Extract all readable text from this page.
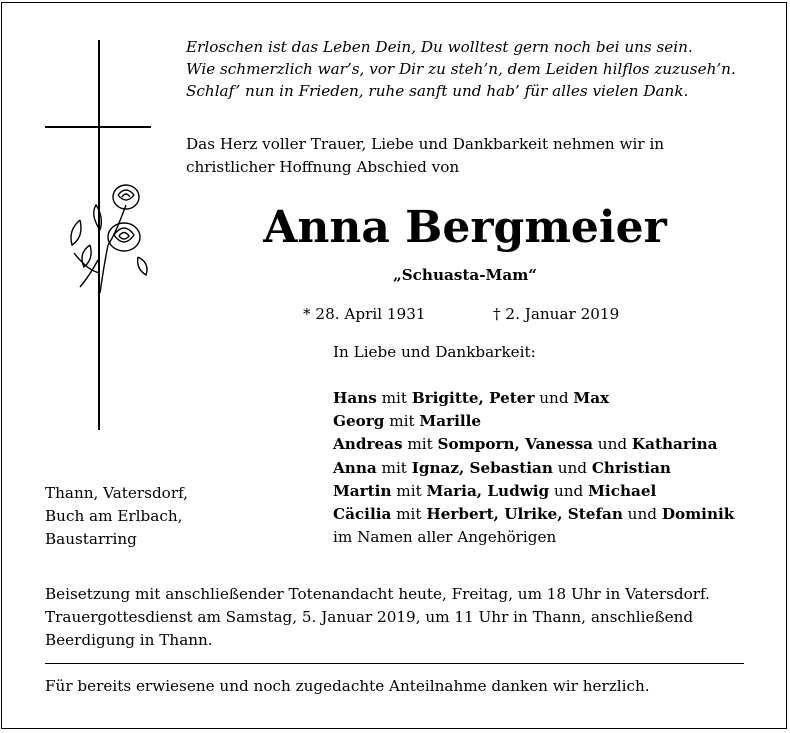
Erloschen ist das Leben Dein, Du wolltest gern noch bei uns sein.
Wie schmerzlich war’s, vor Dir zu steh’n, dem Leiden hilflos zuzuseh’n.
Schlaf’ nun in Frieden, ruhe sanft und hab’ für alles vielen Dank.
Das Herz voller Trauer, Liebe und Dankbarkeit nehmen wir in
christlicher Hoffnung Abschied von
Anna Bergmeier
„Schuasta-Mam“
* 28. April 1931	† 2. Januar 2019
In Liebe und Dankbarkeit:
Hans mit Brigitte, Peter und Max
Georg mit Marille
Andreas mit Somporn, Vanessa und Katharina
Anna mit Ignaz, Sebastian und Christian
Martin mit Maria, Ludwig und Michael
Cäcilia mit Herbert, Ulrike, Stefan und Dominik
im Namen aller Angehörigen
Thann, Vatersdorf,
Buch am Erlbach,
Baustarring
Beisetzung mit anschließender Totenandacht heute, Freitag, um 18 Uhr in Vatersdorf.
Trauergottesdienst am Samstag, 5. Januar 2019, um 11 Uhr in Thann, anschließend
Beerdigung in Thann.
Für bereits erwiesene und noch zugedachte Anteilnahme danken wir herzlich.
